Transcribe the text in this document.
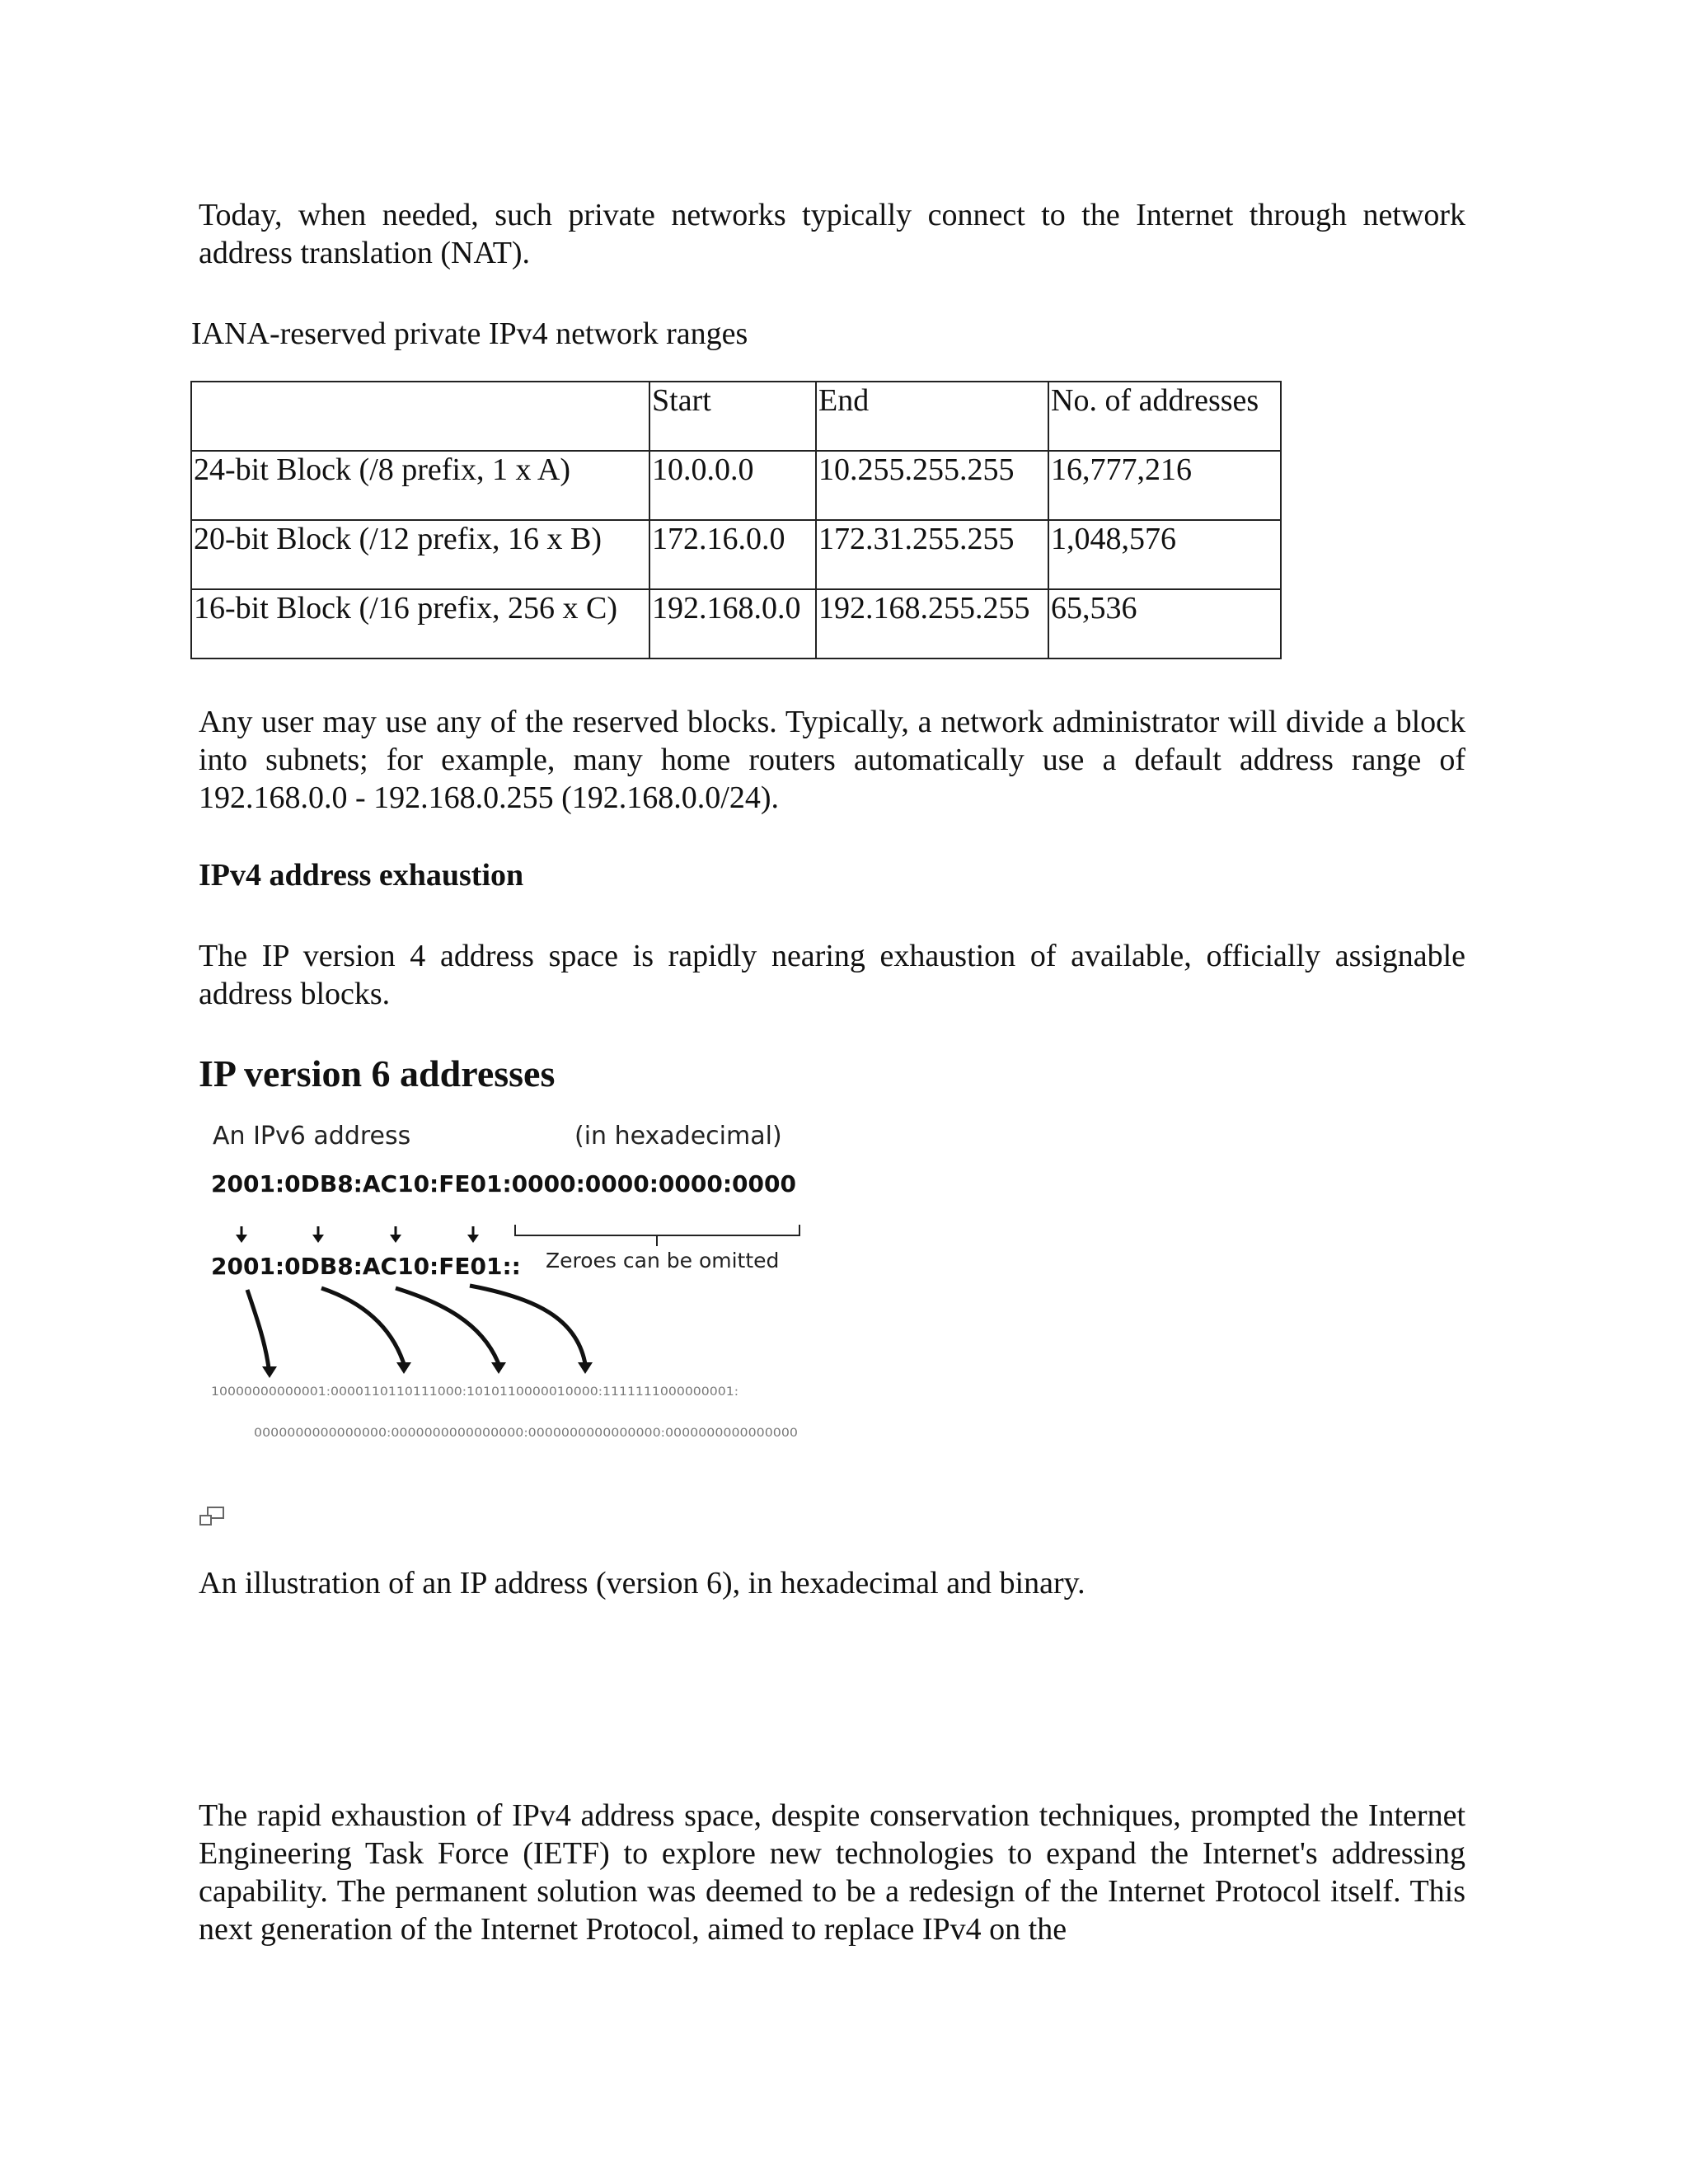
Today, when needed, such private networks typically connect to the Internet through network address translation (NAT).

IANA-reserved private IPv4 network ranges

	Start	End	No. of addresses
24-bit Block (/8 prefix, 1 x A)	10.0.0.0	10.255.255.255	16,777,216
20-bit Block (/12 prefix, 16 x B)	172.16.0.0	172.31.255.255	1,048,576
16-bit Block (/16 prefix, 256 x C)	192.168.0.0	192.168.255.255	65,536

Any user may use any of the reserved blocks. Typically, a network administrator will divide a block into subnets; for example, many home routers automatically use a default address range of 192.168.0.0 - 192.168.0.255 (192.168.0.0/24).

IPv4 address exhaustion

The IP version 4 address space is rapidly nearing exhaustion of available, officially assignable address blocks.

IP version 6 addresses
An IPv6 address	(in hexadecimal)
2001:0DB8:AC10:FE01:0000:0000:0000:0000
2001:0DB8:AC10:FE01:: Zeroes can be omitted
10000000000001:0000110110111000:1010110000010000:1111111000000001:
0000000000000000:0000000000000000:0000000000000000:0000000000000000

An illustration of an IP address (version 6), in hexadecimal and binary.

The rapid exhaustion of IPv4 address space, despite conservation techniques, prompted the Internet Engineering Task Force (IETF) to explore new technologies to expand the Internet's addressing capability. The permanent solution was deemed to be a redesign of the Internet Protocol itself. This next generation of the Internet Protocol, aimed to replace IPv4 on the
